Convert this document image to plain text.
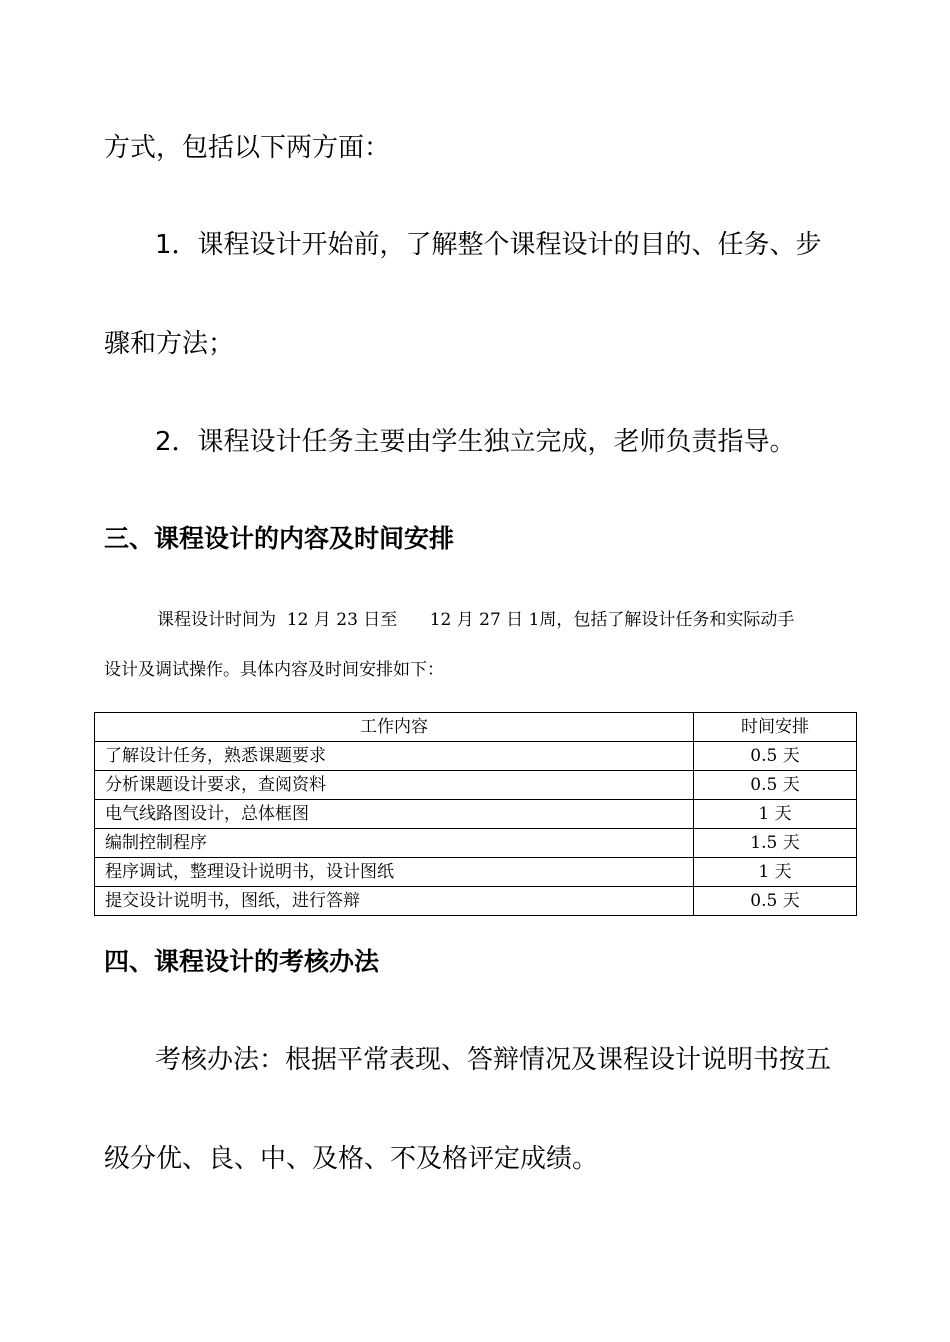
方式，包括以下两方面：
1．课程设计开始前，了解整个课程设计的目的、任务、步
骤和方法；
2．课程设计任务主要由学生独立完成，老师负责指导。
三、课程设计的内容及时间安排
课程设计时间为  12 月 23 日至      12 月 27 日 1周，包括了解设计任务和实际动手
设计及调试操作。具体内容及时间安排如下：
工作内容	时间安排
了解设计任务，熟悉课题要求	0.5 天
分析课题设计要求，查阅资料	0.5 天
电气线路图设计，总体框图	1 天
编制控制程序	1.5 天
程序调试，整理设计说明书，设计图纸	1 天
提交设计说明书，图纸，进行答辩	0.5 天
四、课程设计的考核办法
考核办法：根据平常表现、答辩情况及课程设计说明书按五
级分优、良、中、及格、不及格评定成绩。
